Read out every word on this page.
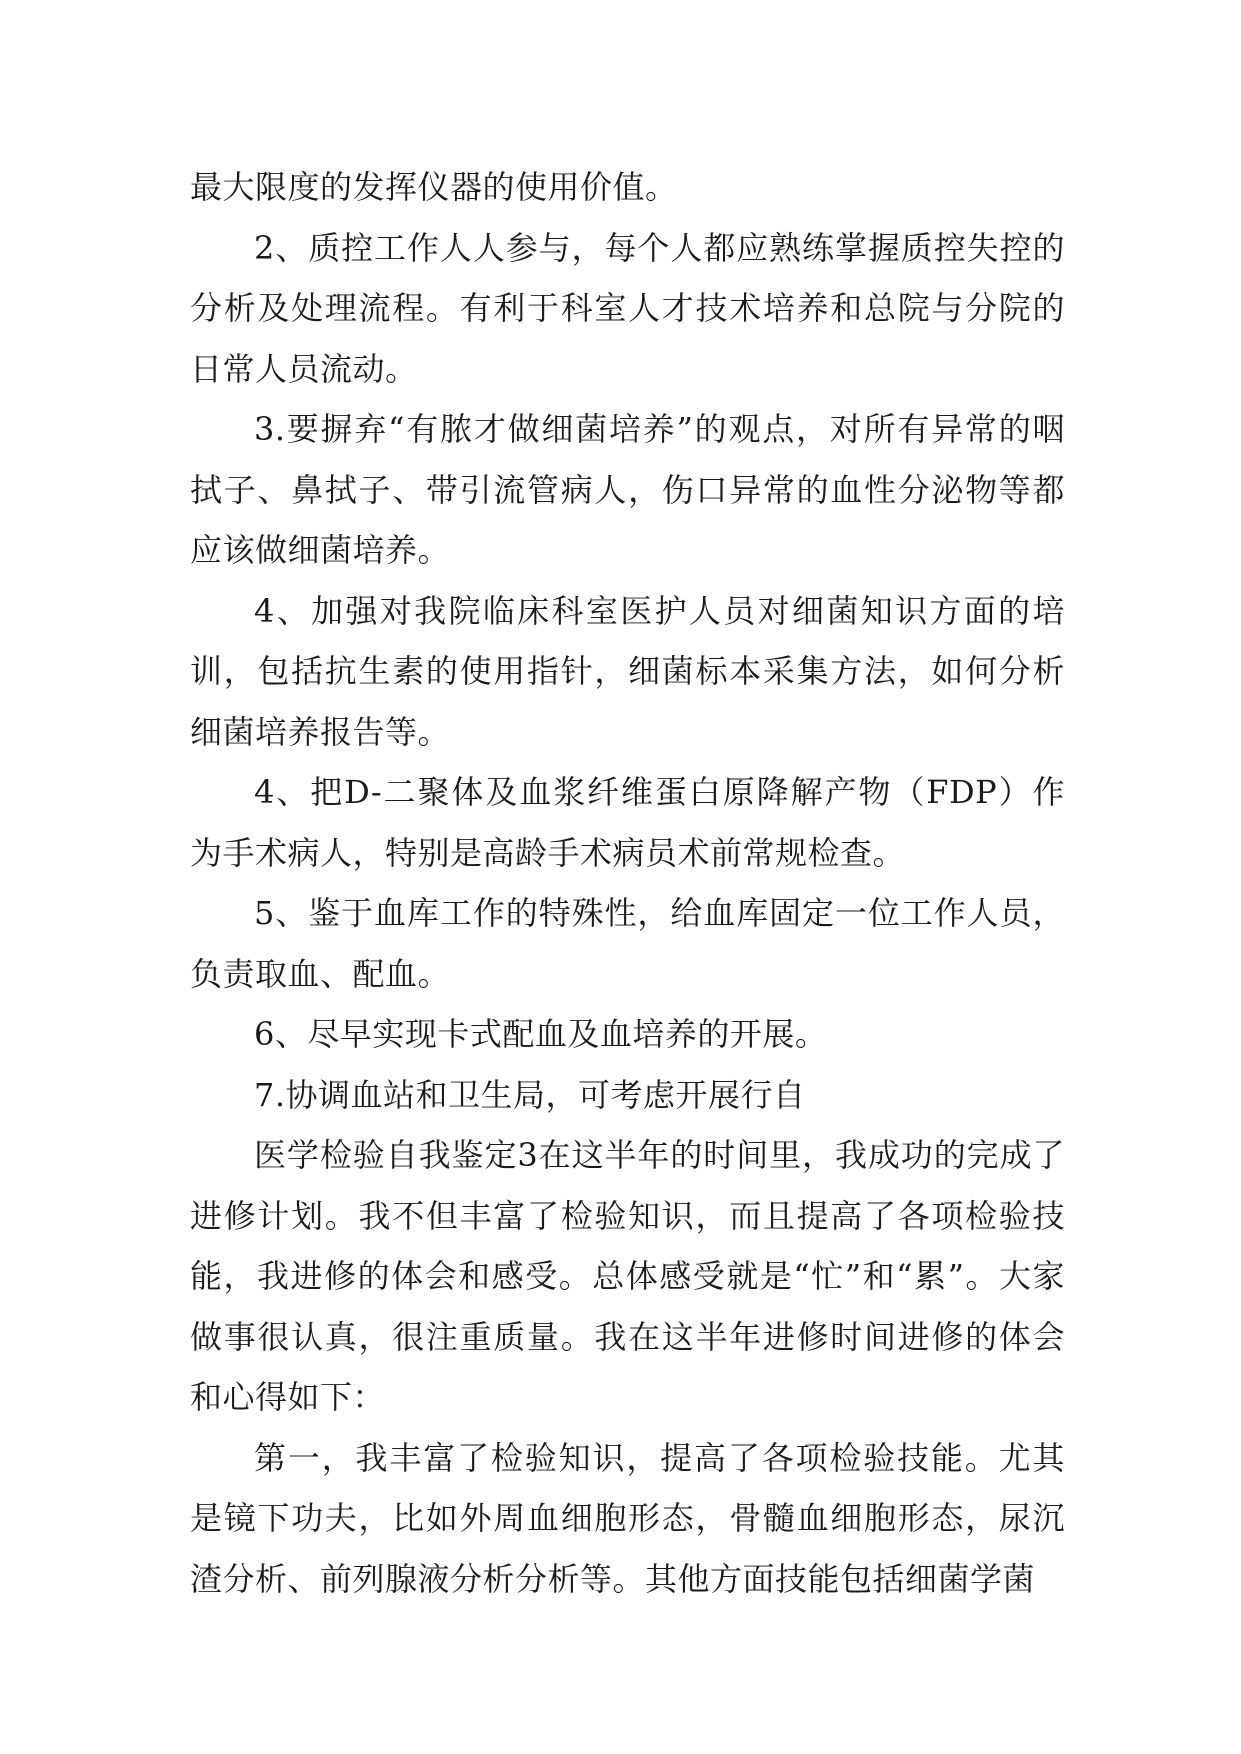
最大限度的发挥仪器的使用价值。

2、质控工作人人参与，每个人都应熟练掌握质控失控的分析及处理流程。有利于科室人才技术培养和总院与分院的日常人员流动。

3.要摒弃“有脓才做细菌培养”的观点，对所有异常的咽拭子、鼻拭子、带引流管病人，伤口异常的血性分泌物等都应该做细菌培养。

4、加强对我院临床科室医护人员对细菌知识方面的培训，包括抗生素的使用指针，细菌标本采集方法，如何分析细菌培养报告等。

4、把D-二聚体及血浆纤维蛋白原降解产物（FDP）作为手术病人，特别是高龄手术病员术前常规检查。

5、鉴于血库工作的特殊性，给血库固定一位工作人员，负责取血、配血。

6、尽早实现卡式配血及血培养的开展。

7.协调血站和卫生局，可考虑开展行自

医学检验自我鉴定3在这半年的时间里，我成功的完成了进修计划。我不但丰富了检验知识，而且提高了各项检验技能，我进修的体会和感受。总体感受就是“忙”和“累”。大家做事很认真，很注重质量。我在这半年进修时间进修的体会和心得如下：

第一，我丰富了检验知识，提高了各项检验技能。尤其是镜下功夫，比如外周血细胞形态，骨髓血细胞形态，尿沉渣分析、前列腺液分析分析等。其他方面技能包括细菌学菌
